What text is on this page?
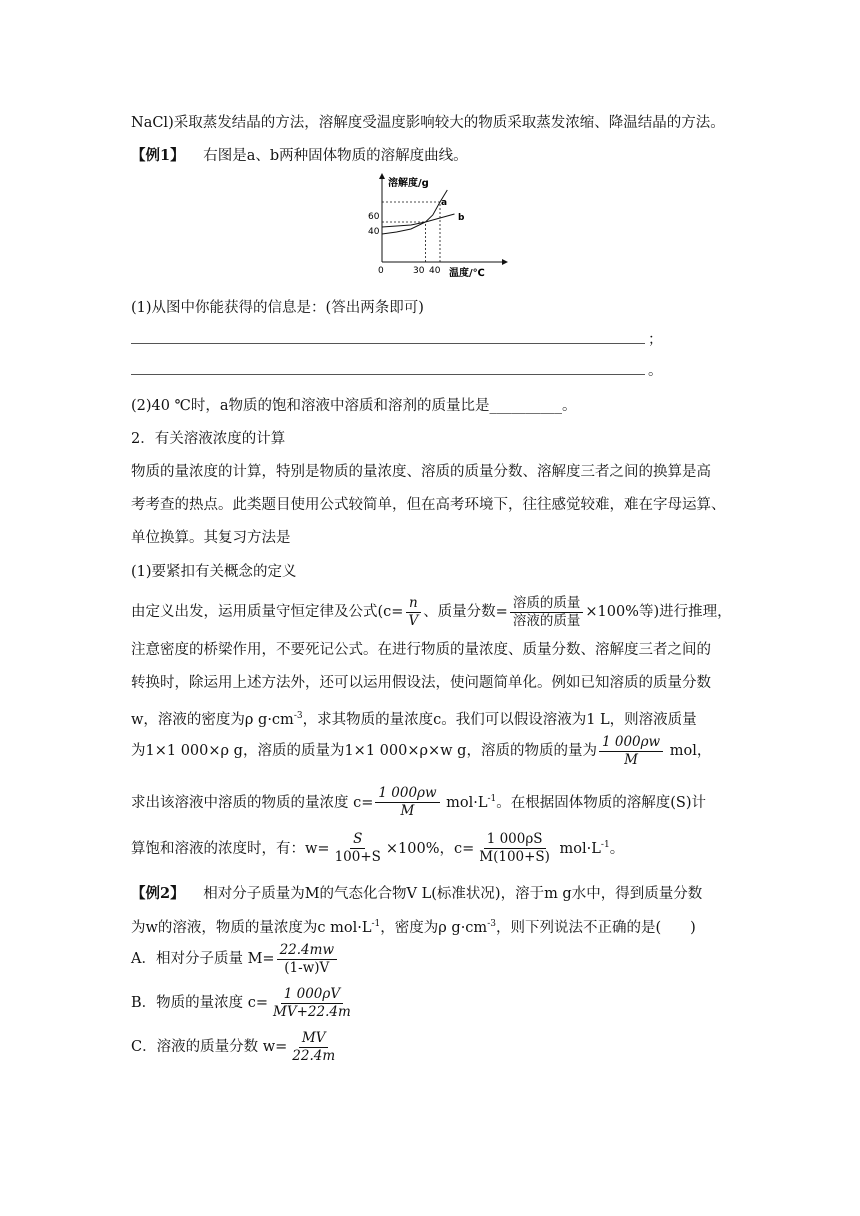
NaCl)采取蒸发结晶的方法，溶解度受温度影响较大的物质采取蒸发浓缩、降温结晶的方法。
【例1】 右图是a、b两种固体物质的溶解度曲线。
溶解度/g
温度/℃
0	30 40
40
60
a
b
(1)从图中你能获得的信息是：(答出两条即可)
；
。
(2)40 ℃时，a物质的饱和溶液中溶质和溶剂的质量比是__________。
2．有关溶液浓度的计算
物质的量浓度的计算，特别是物质的量浓度、溶质的质量分数、溶解度三者之间的换算是高
考考查的热点。此类题目使用公式较简单，但在高考环境下，往往感觉较难，难在字母运算、
单位换算。其复习方法是
(1)要紧扣有关概念的定义
由定义出发，运用质量守恒定律及公式($c= \frac{n}{V}$ 、质量分数= $\frac{\text{溶质的质量}}{\text{溶液的质量}} \times 100\%$等)进行推理，
注意密度的桥梁作用，不要死记公式。在进行物质的量浓度、质量分数、溶解度三者之间的
转换时，除运用上述方法外，还可以运用假设法，使问题简单化。例如已知溶质的质量分数
w，溶液的密度为ρ $g\cdot cm^{-3}$，求其物质的量浓度c。我们可以假设溶液为1 L，则溶液质量
为1×1 000×ρ g，溶质的质量为1×1 000×ρ×w g，溶质的物质的量为 $\frac{1 000\rho w}{M}$ mol，
求出该溶液中溶质的物质的量浓度 $c= \frac{1 000\rho w}{M} mol\cdot L^{-1}$。在根据固体物质的溶解度(S)计
算饱和溶液的浓度时，有：$w= \frac{S}{100+S} \times 100\%$，$c= \frac{1 000\rho S}{M(100+S)} mol\cdot L^{-1}$。
【例2】 相对分子质量为M的气态化合物V L(标准状况)，溶于m g水中，得到质量分数
为w的溶液，物质的量浓度为c $mol\cdot L^{-1}$，密度为ρ $g\cdot cm^{-3}$，则下列说法不正确的是(　　)
A．相对分子质量 $M= \frac{22.4mw}{(1-w)V}$
B．物质的量浓度 $c= \frac{1 000\rho V}{MV+22.4m}$
C．溶液的质量分数 $w= \frac{MV}{22.4m}$
